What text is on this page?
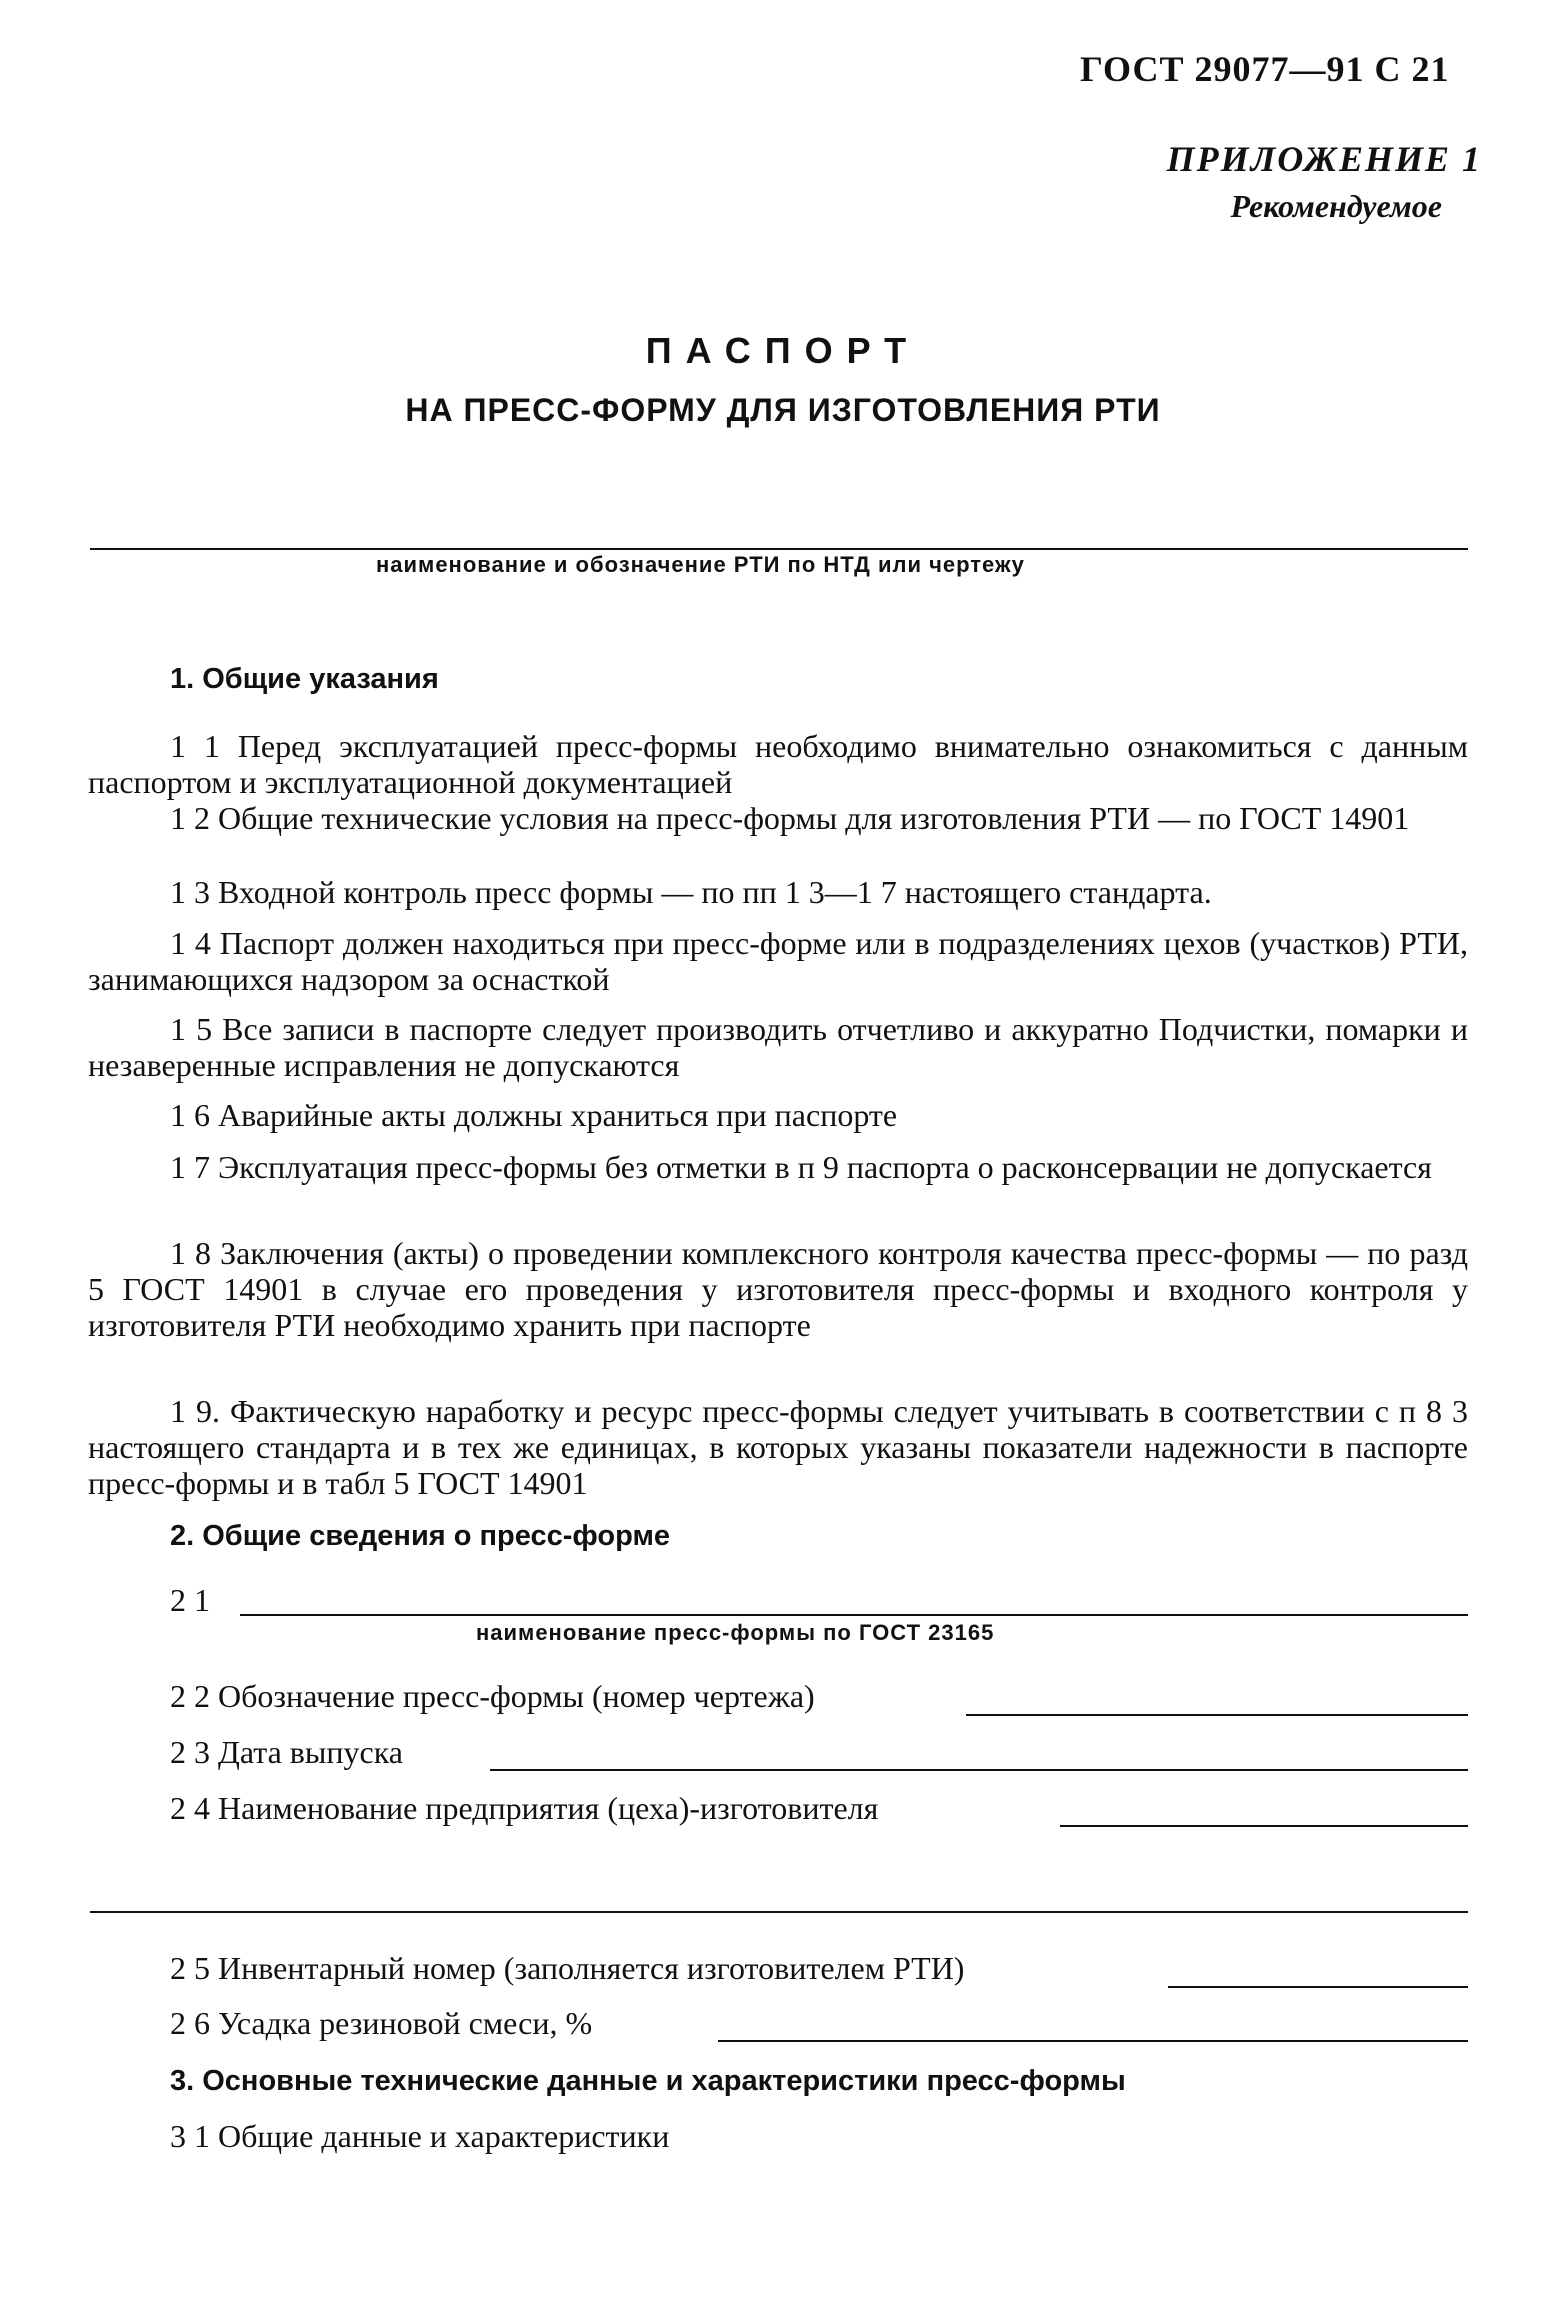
ГОСТ 29077—91 С 21
ПРИЛОЖЕНИЕ 1
Рекомендуемое
ПАСПОРТ
НА ПРЕСС-ФОРМУ ДЛЯ ИЗГОТОВЛЕНИЯ РТИ
наименование и обозначение РТИ по НТД или чертежу
1. Общие указания
1 1 Перед эксплуатацией пресс-формы необходимо внимательно ознакомиться с данным паспортом и эксплуатационной документацией
1 2 Общие технические условия на пресс-формы для изготовления РТИ — по ГОСТ 14901
1 3 Входной контроль пресс формы — по пп 1 3—1 7 настоящего стандарта.
1 4 Паспорт должен находиться при пресс-форме или в подразделениях цехов (участков) РТИ, занимающихся надзором за оснасткой
1 5 Все записи в паспорте следует производить отчетливо и аккуратно Подчистки, помарки и незаверенные исправления не допускаются
1 6 Аварийные акты должны храниться при паспорте
1 7 Эксплуатация пресс-формы без отметки в п 9 паспорта о расконсервации не допускается
1 8 Заключения (акты) о проведении комплексного контроля качества пресс-формы — по разд 5 ГОСТ 14901 в случае его проведения у изготовителя пресс-формы и входного контроля у изготовителя РТИ необходимо хранить при паспорте
1 9. Фактическую наработку и ресурс пресс-формы следует учитывать в соответствии с п 8 3 настоящего стандарта и в тех же единицах, в которых указаны показатели надежности в паспорте пресс-формы и в табл 5 ГОСТ 14901
2. Общие сведения о пресс-форме
2 1
наименование пресс-формы по ГОСТ 23165
2 2 Обозначение пресс-формы (номер чертежа)
2 3 Дата выпуска
2 4 Наименование предприятия (цеха)-изготовителя
2 5 Инвентарный номер (заполняется изготовителем РТИ)
2 6 Усадка резиновой смеси, %
3. Основные технические данные и характеристики пресс-формы
3 1 Общие данные и характеристики
